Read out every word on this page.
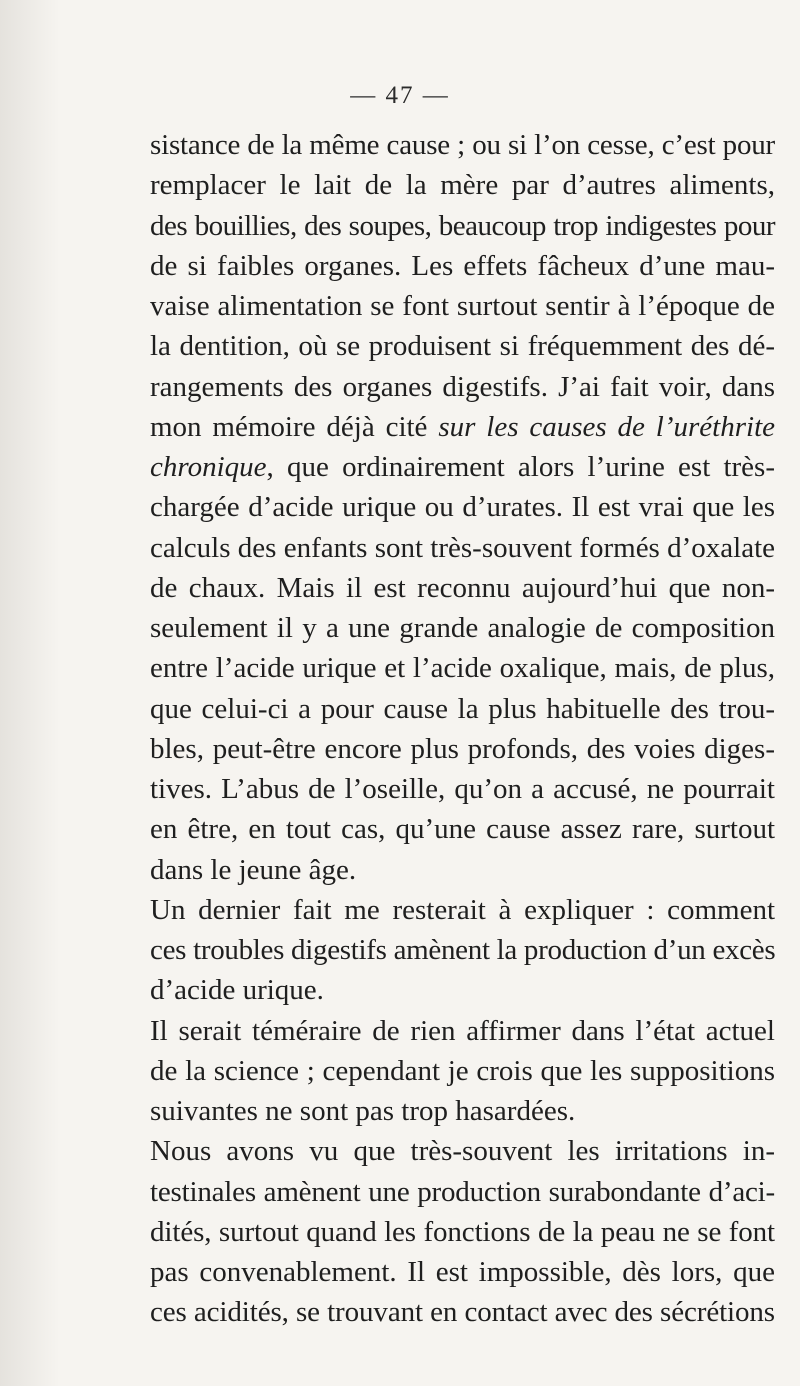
— 47 —
sistance de la même cause ; ou si l’on cesse, c’est pour
remplacer le lait de la mère par d’autres aliments,
des bouillies, des soupes, beaucoup trop indigestes pour
de si faibles organes. Les effets fâcheux d’une mau-
vaise alimentation se font surtout sentir à l’époque de
la dentition, où se produisent si fréquemment des dé-
rangements des organes digestifs. J’ai fait voir, dans
mon mémoire déjà cité sur les causes de l’uréthrite
chronique, que ordinairement alors l’urine est très-
chargée d’acide urique ou d’urates. Il est vrai que les
calculs des enfants sont très-souvent formés d’oxalate
de chaux. Mais il est reconnu aujourd’hui que non-
seulement il y a une grande analogie de composition
entre l’acide urique et l’acide oxalique, mais, de plus,
que celui-ci a pour cause la plus habituelle des trou-
bles, peut-être encore plus profonds, des voies diges-
tives. L’abus de l’oseille, qu’on a accusé, ne pourrait
en être, en tout cas, qu’une cause assez rare, surtout
dans le jeune âge.
Un dernier fait me resterait à expliquer : comment
ces troubles digestifs amènent la production d’un excès
d’acide urique.
Il serait téméraire de rien affirmer dans l’état actuel
de la science ; cependant je crois que les suppositions
suivantes ne sont pas trop hasardées.
Nous avons vu que très-souvent les irritations in-
testinales amènent une production surabondante d’aci-
dités, surtout quand les fonctions de la peau ne se font
pas convenablement. Il est impossible, dès lors, que
ces acidités, se trouvant en contact avec des sécrétions
